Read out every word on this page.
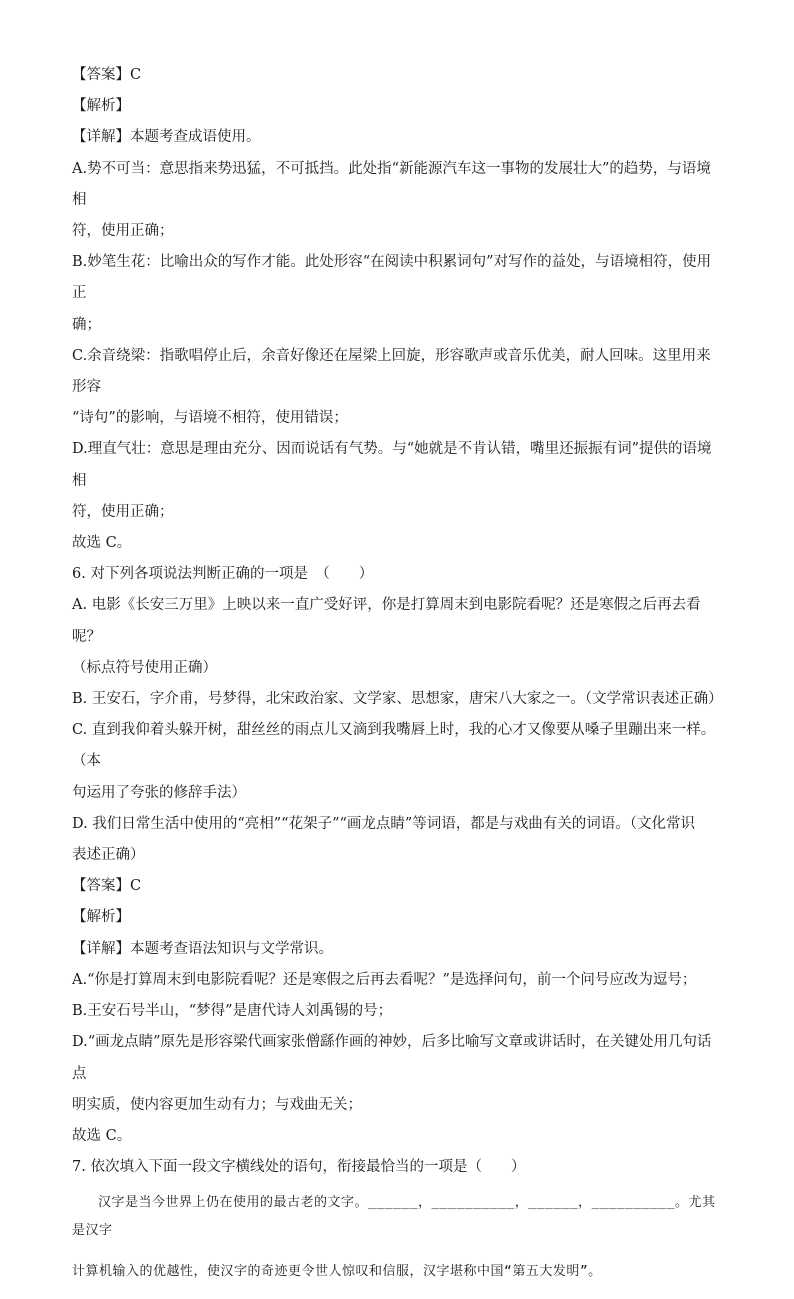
【答案】C

【解析】

【详解】本题考查成语使用。

A.势不可当：意思指来势迅猛，不可抵挡。此处指“新能源汽车这一事物的发展壮大”的趋势，与语境相

符，使用正确；

B.妙笔生花：比喻出众的写作才能。此处形容“在阅读中积累词句”对写作的益处，与语境相符，使用正

确；

C.余音绕梁：指歌唱停止后，余音好像还在屋梁上回旋，形容歌声或音乐优美，耐人回味。这里用来形容

“诗句”的影响，与语境不相符，使用错误；

D.理直气壮：意思是理由充分、因而说话有气势。与“她就是不肯认错，嘴里还振振有词”提供的语境相

符，使用正确；

故选 C。

6. 对下列各项说法判断正确的一项是　（　　）

A. 电影《长安三万里》上映以来一直广受好评，你是打算周末到电影院看呢？还是寒假之后再去看呢？

（标点符号使用正确）

B. 王安石，字介甫，号梦得，北宋政治家、文学家、思想家，唐宋八大家之一。（文学常识表述正确）

C. 直到我仰着头躲开树，甜丝丝的雨点儿又滴到我嘴唇上时，我的心才又像要从嗓子里蹦出来一样。（本

句运用了夸张的修辞手法）

D. 我们日常生活中使用的“亮相”“花架子”“画龙点睛”等词语，都是与戏曲有关的词语。（文化常识

表述正确）

【答案】C

【解析】

【详解】本题考查语法知识与文学常识。

A.“你是打算周末到电影院看呢？还是寒假之后再去看呢？”是选择问句，前一个问号应改为逗号；

B.王安石号半山，“梦得”是唐代诗人刘禹锡的号；

D.“画龙点睛”原先是形容梁代画家张僧繇作画的神妙，后多比喻写文章或讲话时，在关键处用几句话点

明实质，使内容更加生动有力；与戏曲无关；

故选 C。

7. 依次填入下面一段文字横线处的语句，衔接最恰当的一项是（　　）

汉字是当今世界上仍在使用的最古老的文字。______，__________，______，__________。尤其是汉字

计算机输入的优越性，使汉字的奇迹更令世人惊叹和信服，汉字堪称中国“第五大发明”。
